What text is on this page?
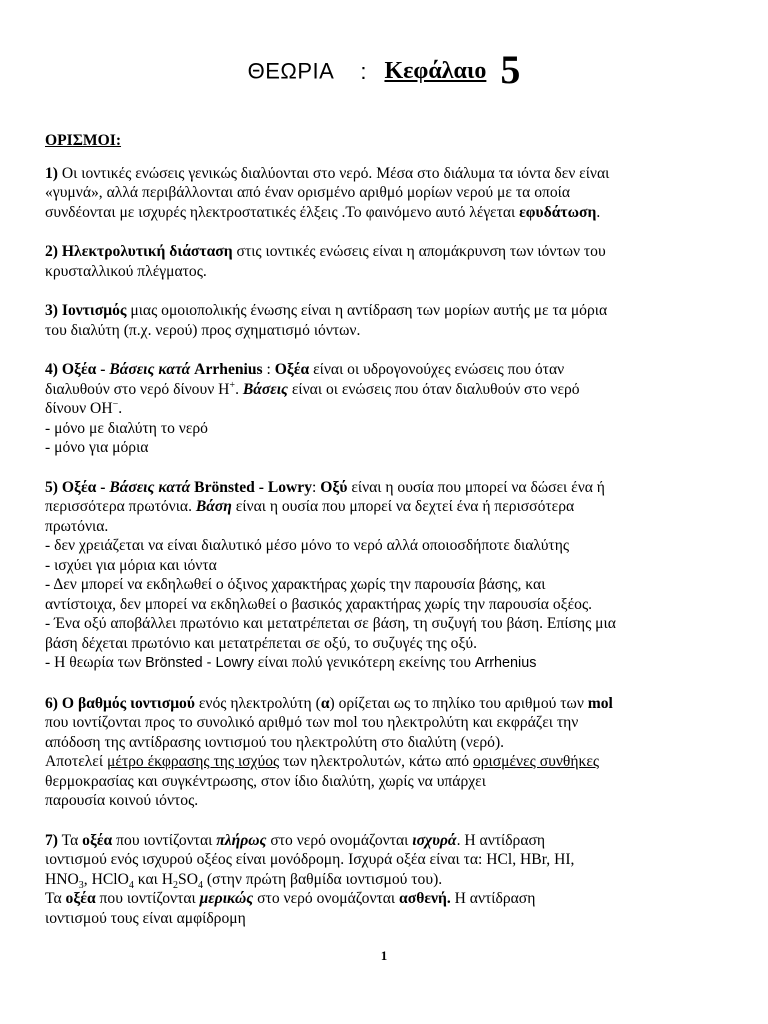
ΘΕΩΡΙΑ : Κεφάλαιο 5
ΟΡΙΣΜΟΙ:
1) Οι ιοντικές ενώσεις γενικώς διαλύονται στο νερό. Μέσα στο διάλυμα τα ιόντα δεν είναι
«γυμνά», αλλά περιβάλλονται από έναν ορισμένο αριθμό μορίων νερού με τα οποία
συνδέονται με ισχυρές ηλεκτροστατικές έλξεις .Το φαινόμενο αυτό λέγεται εφυδάτωση.
2) Ηλεκτρολυτική διάσταση στις ιοντικές ενώσεις είναι η απομάκρυνση των ιόντων του
κρυσταλλικού πλέγματος.
3) Ιοντισμός μιας ομοιοπολικής ένωσης είναι η αντίδραση των μορίων αυτής με τα μόρια
του διαλύτη (π.χ. νερού) προς σχηματισμό ιόντων.
4) Οξέα - Βάσεις κατά Arrhenius : Οξέα είναι οι υδρογονούχες ενώσεις που όταν
διαλυθούν στο νερό δίνουν Η+. Βάσεις είναι οι ενώσεις που όταν διαλυθούν στο νερό
δίνουν ΟΗ−.
- μόνο με διαλύτη το νερό
- μόνο για μόρια
5) Οξέα - Βάσεις κατά Brönsted - Lowry: Οξύ είναι η ουσία που μπορεί να δώσει ένα ή
περισσότερα πρωτόνια. Βάση είναι η ουσία που μπορεί να δεχτεί ένα ή περισσότερα
πρωτόνια.
- δεν χρειάζεται να είναι διαλυτικό μέσο μόνο το νερό αλλά οποιοσδήποτε διαλύτης
- ισχύει για μόρια και ιόντα
- Δεν μπορεί να εκδηλωθεί ο όξινος χαρακτήρας χωρίς την παρουσία βάσης, και
αντίστοιχα, δεν μπορεί να εκδηλωθεί ο βασικός χαρακτήρας χωρίς την παρουσία οξέος.
- Ένα οξύ αποβάλλει πρωτόνιο και μετατρέπεται σε βάση, τη συζυγή του βάση. Επίσης μια
βάση δέχεται πρωτόνιο και μετατρέπεται σε οξύ, το συζυγές της οξύ.
- Η θεωρία των Brönsted - Lowry είναι πολύ γενικότερη εκείνης του Arrhenius
6) Ο βαθμός ιοντισμού ενός ηλεκτρολύτη (α) ορίζεται ως το πηλίκο του αριθμού των mol
που ιοντίζονται προς το συνολικό αριθμό των mol του ηλεκτρολύτη και εκφράζει την
απόδοση της αντίδρασης ιοντισμού του ηλεκτρολύτη στο διαλύτη (νερό).
Αποτελεί μέτρο έκφρασης της ισχύος των ηλεκτρολυτών, κάτω από ορισμένες συνθήκες
θερμοκρασίας και συγκέντρωσης, στον ίδιο διαλύτη, χωρίς να υπάρχει
παρουσία κοινού ιόντος.
7) Τα οξέα που ιοντίζονται πλήρως στο νερό ονομάζονται ισχυρά. Η αντίδραση
ιοντισμού ενός ισχυρού οξέος είναι μονόδρομη. Ισχυρά οξέα είναι τα: HCl, HBr, HI,
$HNO_3$, HClO$_4$ και $H_2SO_4$ (στην πρώτη βαθμίδα ιοντισμού του).
Τα οξέα που ιοντίζονται μερικώς στο νερό ονομάζονται ασθενή. Η αντίδραση
ιοντισμού τους είναι αμφίδρομη
1
